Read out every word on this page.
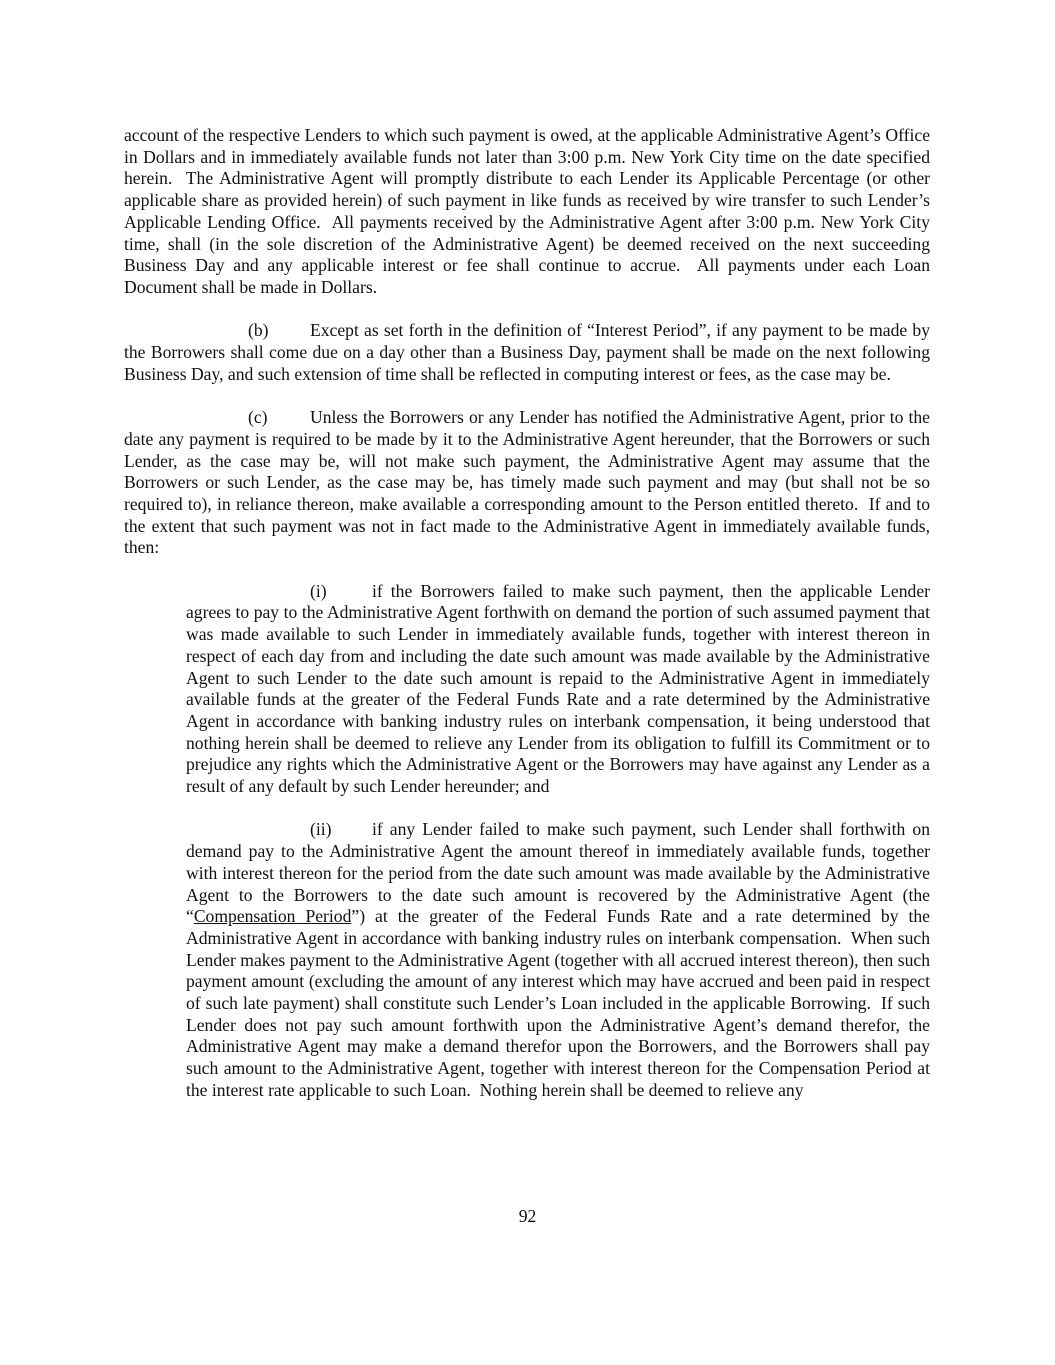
account of the respective Lenders to which such payment is owed, at the applicable Administrative Agent’s Office in Dollars and in immediately available funds not later than 3:00 p.m. New York City time on the date specified herein.  The Administrative Agent will promptly distribute to each Lender its Applicable Percentage (or other applicable share as provided herein) of such payment in like funds as received by wire transfer to such Lender’s Applicable Lending Office.  All payments received by the Administrative Agent after 3:00 p.m. New York City time, shall (in the sole discretion of the Administrative Agent) be deemed received on the next succeeding Business Day and any applicable interest or fee shall continue to accrue.  All payments under each Loan Document shall be made in Dollars.

(b) Except as set forth in the definition of “Interest Period”, if any payment to be made by the Borrowers shall come due on a day other than a Business Day, payment shall be made on the next following Business Day, and such extension of time shall be reflected in computing interest or fees, as the case may be.

(c) Unless the Borrowers or any Lender has notified the Administrative Agent, prior to the date any payment is required to be made by it to the Administrative Agent hereunder, that the Borrowers or such Lender, as the case may be, will not make such payment, the Administrative Agent may assume that the Borrowers or such Lender, as the case may be, has timely made such payment and may (but shall not be so required to), in reliance thereon, make available a corresponding amount to the Person entitled thereto.  If and to the extent that such payment was not in fact made to the Administrative Agent in immediately available funds, then:

(i)	if the Borrowers failed to make such payment, then the applicable Lender agrees to pay to the Administrative Agent forthwith on demand the portion of such assumed payment that was made available to such Lender in immediately available funds, together with interest thereon in respect of each day from and including the date such amount was made available by the Administrative Agent to such Lender to the date such amount is repaid to the Administrative Agent in immediately available funds at the greater of the Federal Funds Rate and a rate determined by the Administrative Agent in accordance with banking industry rules on interbank compensation, it being understood that nothing herein shall be deemed to relieve any Lender from its obligation to fulfill its Commitment or to prejudice any rights which the Administrative Agent or the Borrowers may have against any Lender as a result of any default by such Lender hereunder; and

(ii) if any Lender failed to make such payment, such Lender shall forthwith on demand pay to the Administrative Agent the amount thereof in immediately available funds, together with interest thereon for the period from the date such amount was made available by the Administrative Agent to the Borrowers to the date such amount is recovered by the Administrative Agent (the “Compensation Period”) at the greater of the Federal Funds Rate and a rate determined by the Administrative Agent in accordance with banking industry rules on interbank compensation.  When such Lender makes payment to the Administrative Agent (together with all accrued interest thereon), then such payment amount (excluding the amount of any interest which may have accrued and been paid in respect of such late payment) shall constitute such Lender’s Loan included in the applicable Borrowing.  If such Lender does not pay such amount forthwith upon the Administrative Agent’s demand therefor, the Administrative Agent may make a demand therefor upon the Borrowers, and the Borrowers shall pay such amount to the Administrative Agent, together with interest thereon for the Compensation Period at the interest rate applicable to such Loan.  Nothing herein shall be deemed to relieve any

92
